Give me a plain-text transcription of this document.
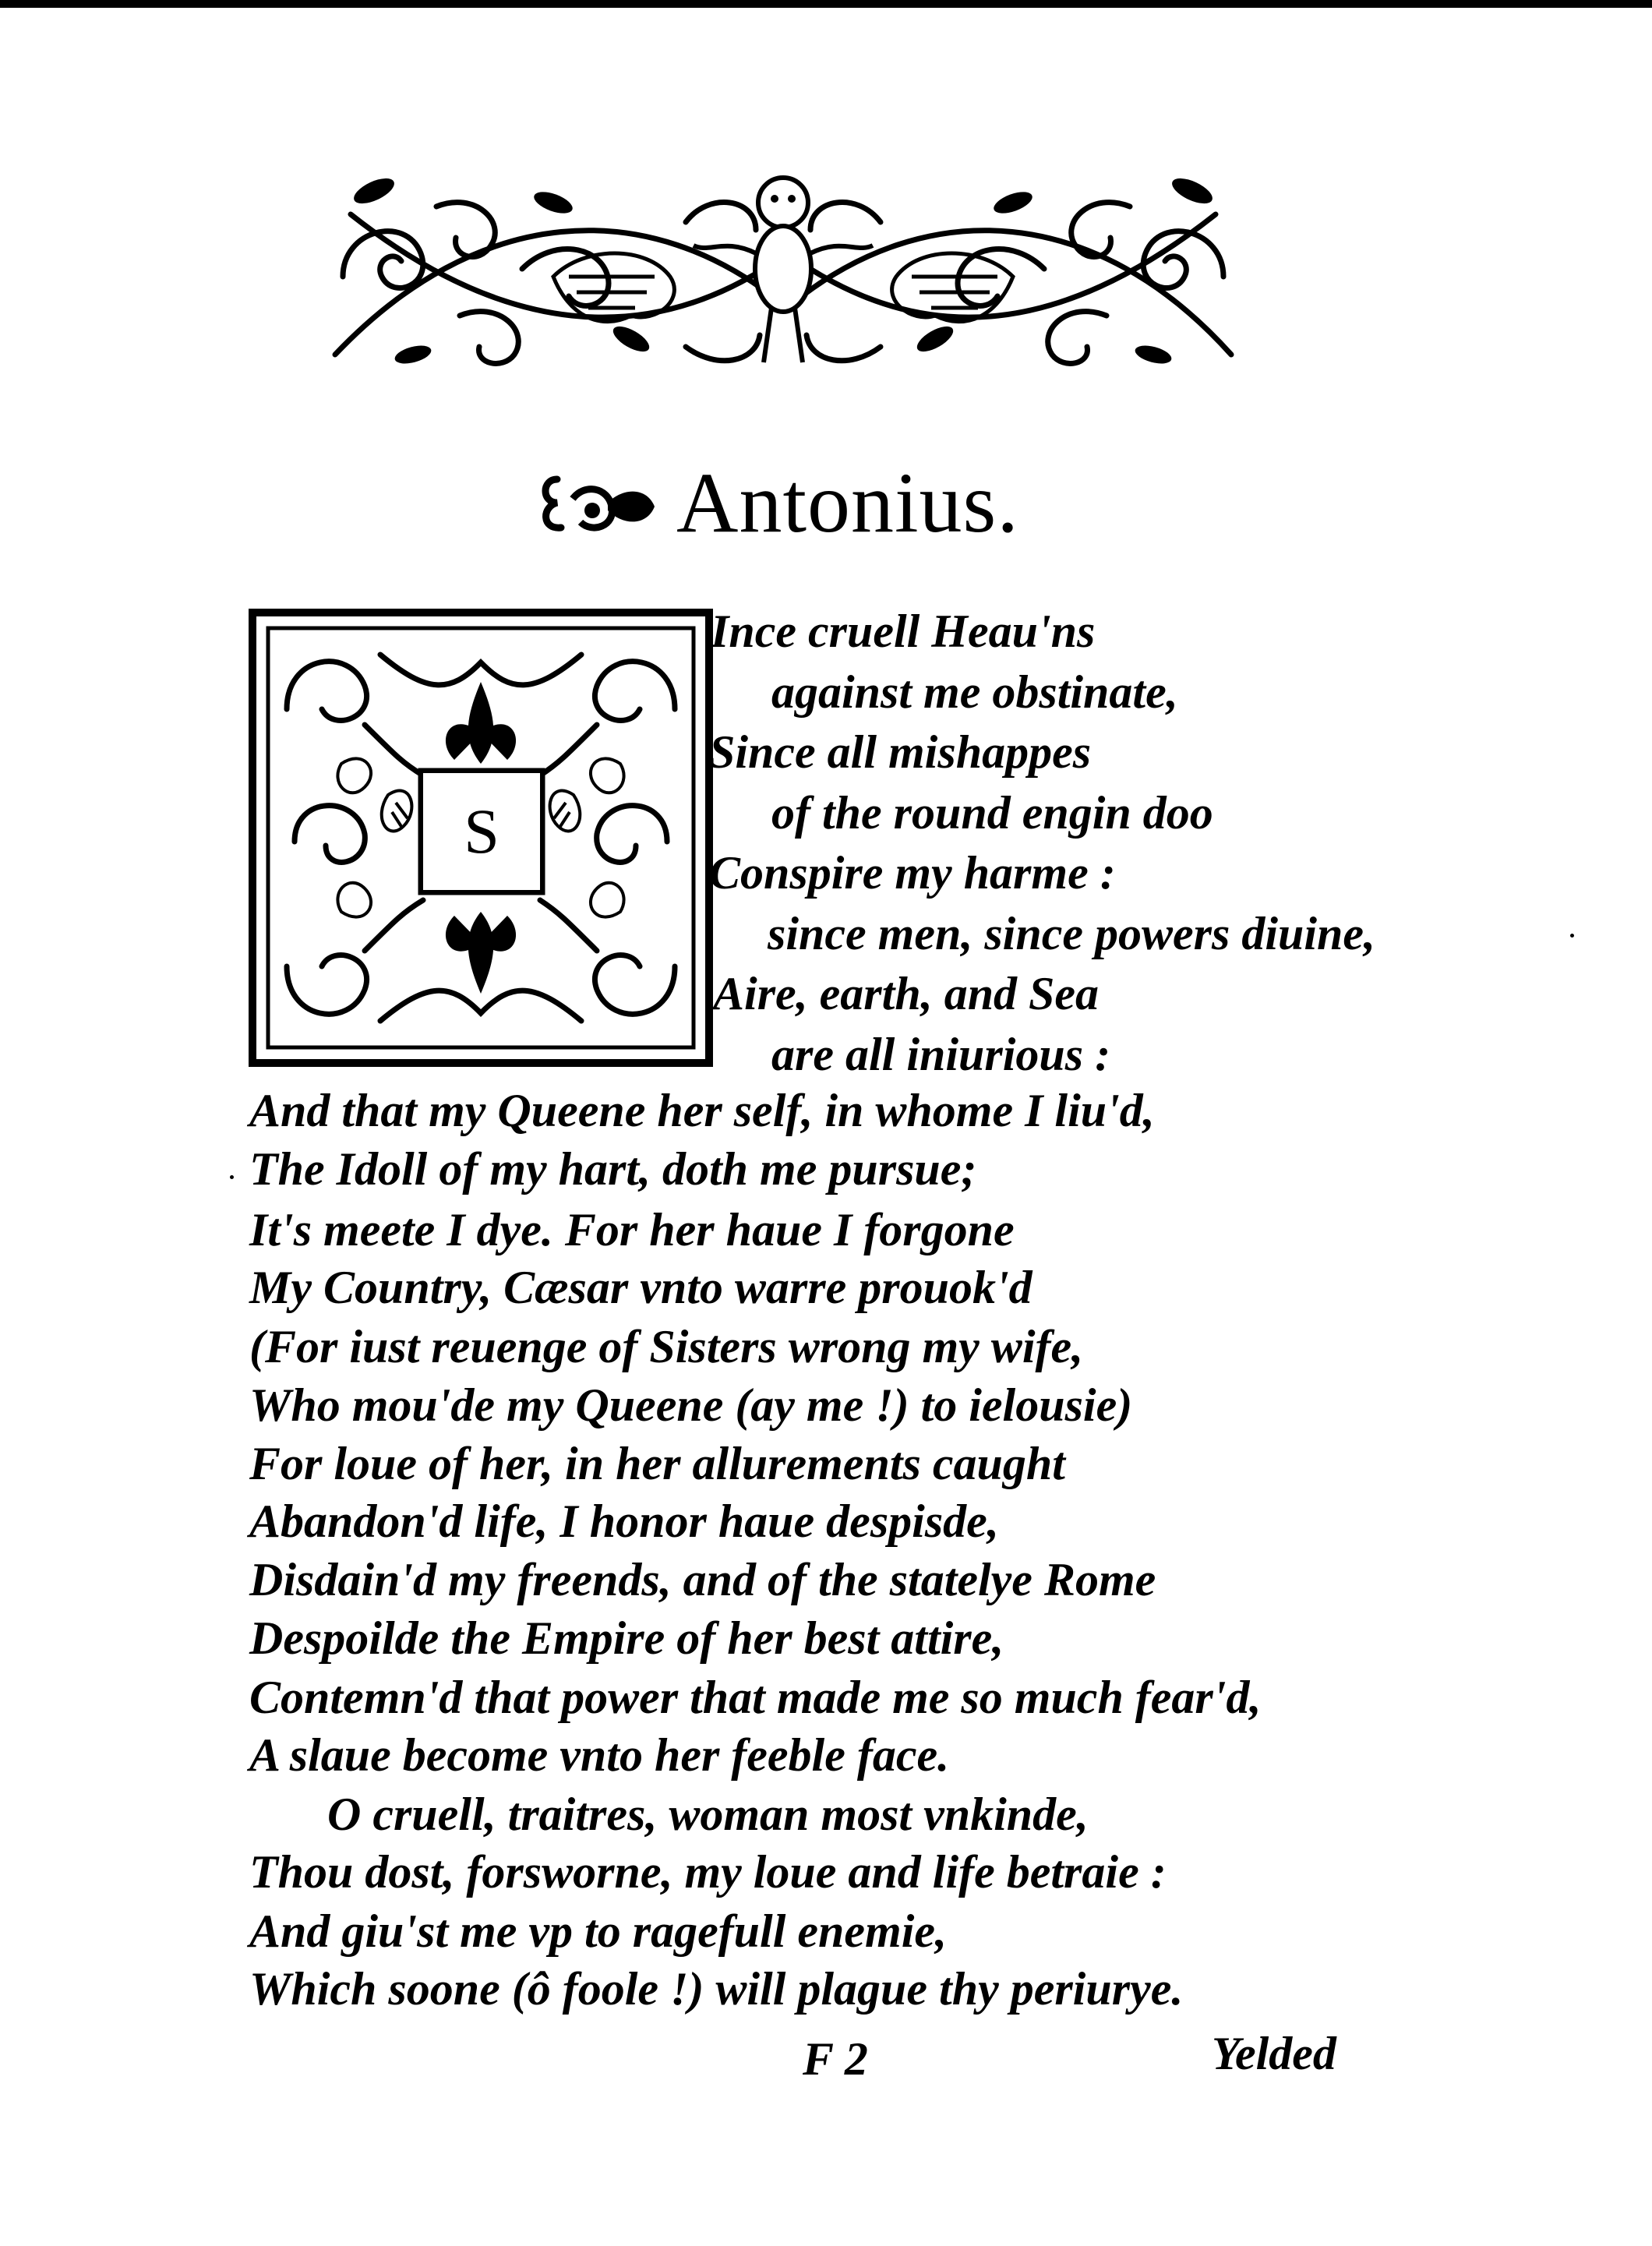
Antonius.
S
Ince cruell Heau'ns
against me obstinate,
Since all mishappes
of the round engin doo
Conspire my harme :
since men, since powers diuine,
Aire, earth, and Sea
are all iniurious :
And that my Queene her self, in whome I liu'd,
The Idoll of my hart, doth me pursue;
It's meete I dye. For her haue I forgone
My Country, Cæsar vnto warre prouok'd
(For iust reuenge of Sisters wrong my wife,
Who mou'de my Queene (ay me !) to ielousie)
For loue of her, in her allurements caught
Abandon'd life, I honor haue despisde,
Disdain'd my freends, and of the statelye Rome
Despoilde the Empire of her best attire,
Contemn'd that power that made me so much fear'd,
A slaue become vnto her feeble face.
O cruell, traitres, woman most vnkinde,
Thou dost, forsworne, my loue and life betraie :
And giu'st me vp to ragefull enemie,
Which soone (ô foole !) will plague thy periurye.
F 2	Yelded
